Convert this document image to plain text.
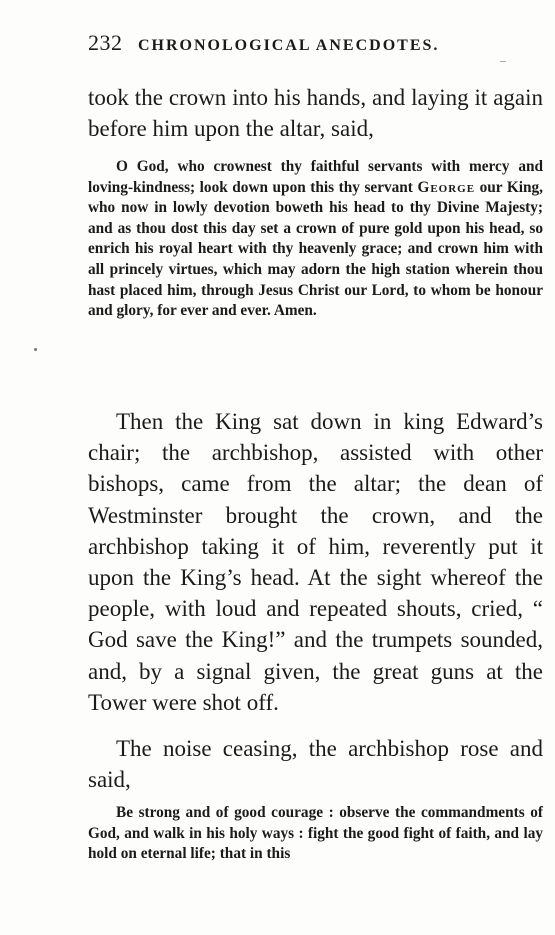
232 CHRONOLOGICAL ANECDOTES.

took the crown into his hands, and laying it again before him upon the altar, said,

O God, who crownest thy faithful servants with mercy and loving-kindness; look down upon this thy servant George our King, who now in lowly devotion boweth his head to thy Divine Majesty; and as thou dost this day set a crown of pure gold upon his head, so enrich his royal heart with thy heavenly grace; and crown him with all princely virtues, which may adorn the high station wherein thou hast placed him, through Jesus Christ our Lord, to whom be honour and glory, for ever and ever. Amen.

Then the King sat down in king Edward’s chair; the archbishop, assisted with other bishops, came from the altar; the dean of Westminster brought the crown, and the archbishop taking it of him, reverently put it upon the King’s head. At the sight whereof the people, with loud and repeated shouts, cried, “ God save the King!” and the trumpets sounded, and, by a signal given, the great guns at the Tower were shot off.

The noise ceasing, the archbishop rose and said,

Be strong and of good courage : observe the commandments of God, and walk in his holy ways : fight the good fight of faith, and lay hold on eternal life; that in this
